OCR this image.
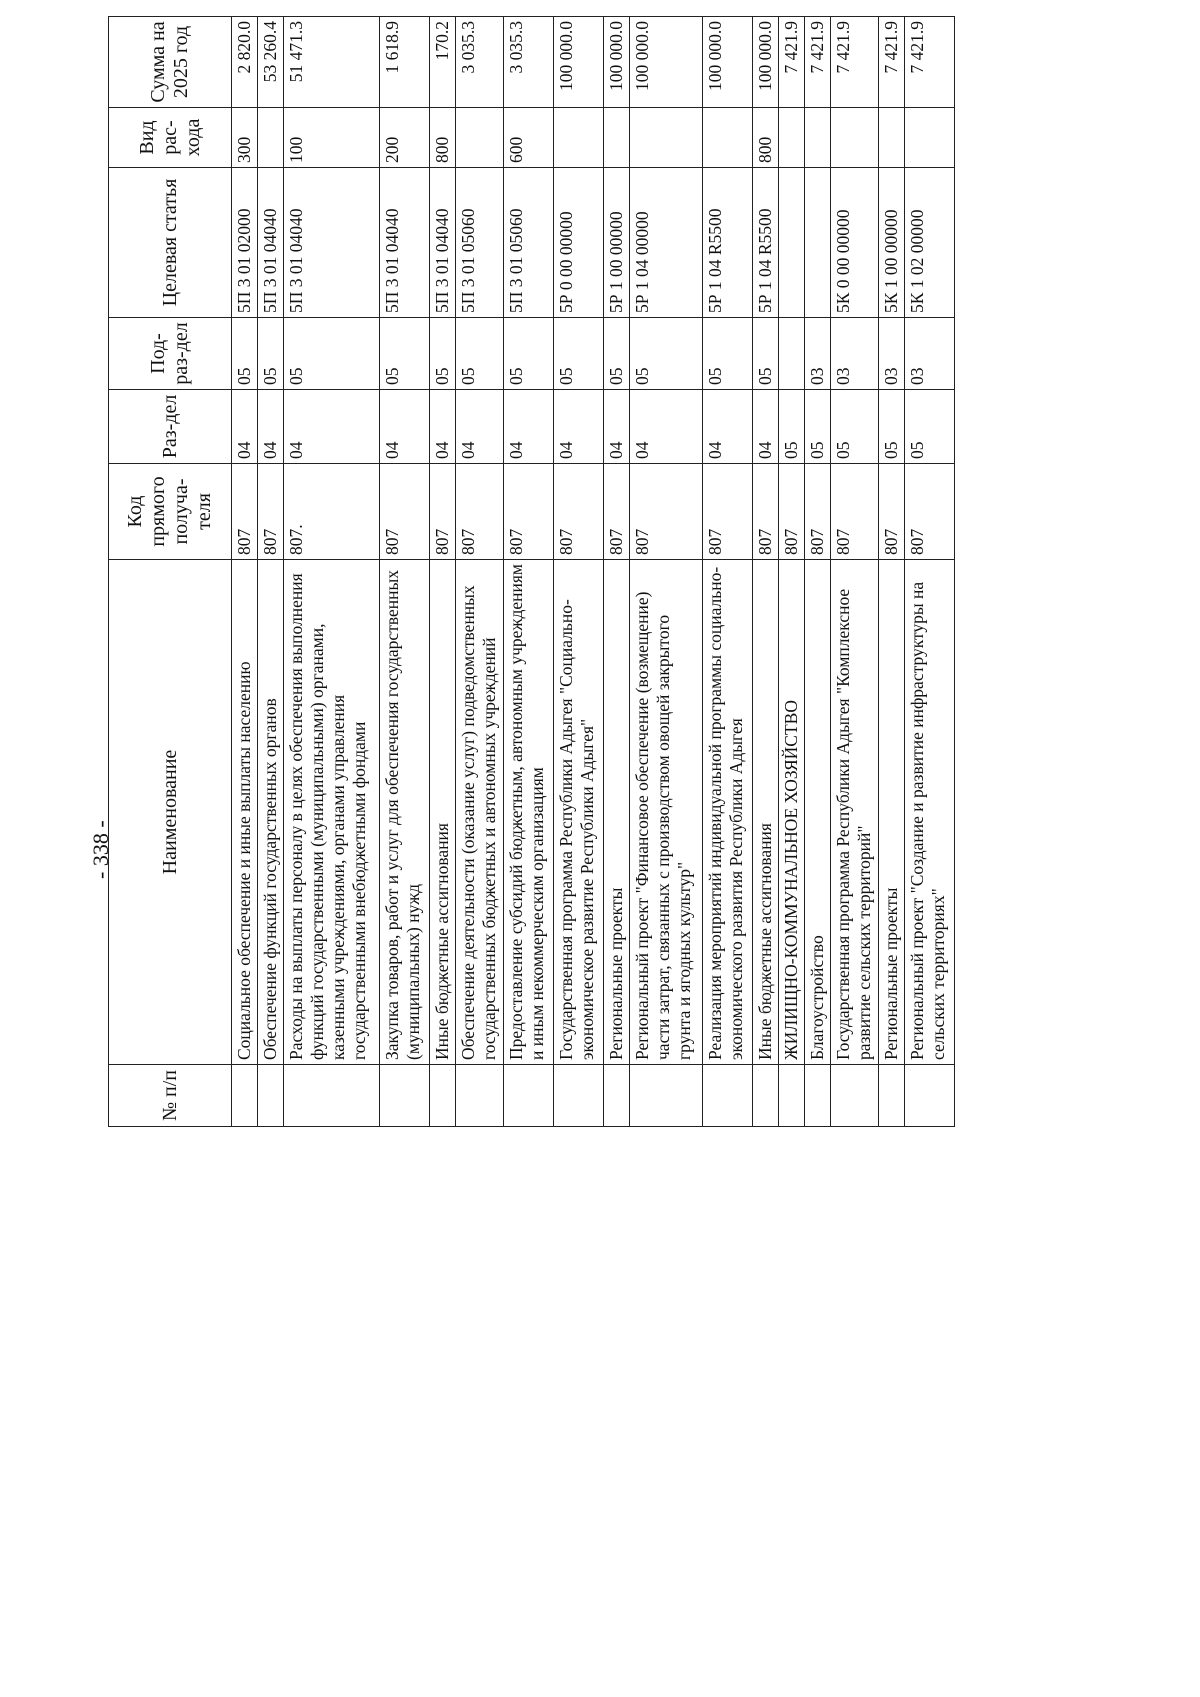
- 338 -
№ п/п	Наименование	Код прямого получа-теля	Раз-дел	Под-раз-дел	Целевая статья	Вид рас-хода	Сумма на 2025 год
	Социальное обеспечение и иные выплаты населению	807	04	05	5П 3 01 02000	300	2 820.0
	Обеспечение функций государственных органов	807	04	05	5П 3 01 04040		53 260.4
	Расходы на выплаты персоналу в целях обеспечения выполнения функций государственными (муниципальными) органами, казенными учреждениями, органами управления государственными внебюджетными фондами	807.	04	05	5П 3 01 04040	100	51 471.3
	Закупка товаров, работ и услуг для обеспечения государственных (муниципальных) нужд	807	04	05	5П 3 01 04040	200	1 618.9
	Иные бюджетные ассигнования	807	04	05	5П 3 01 04040	800	170.2
	Обеспечение деятельности (оказание услуг) подведомственных государственных бюджетных и автономных учреждений	807	04	05	5П 3 01 05060		3 035.3
	Предоставление субсидий бюджетным, автономным учреждениям и иным некоммерческим организациям	807	04	05	5П 3 01 05060	600	3 035.3
	Государственная программа Республики Адыгея "Социально-экономическое развитие Республики Адыгея"	807	04	05	5Р 0 00 00000		100 000.0
	Региональные проекты	807	04	05	5Р 1 00 00000		100 000.0
	Региональный проект "Финансовое обеспечение (возмещение) части затрат, связанных с производством овощей закрытого грунта и ягодных культур"	807	04	05	5Р 1 04 00000		100 000.0
	Реализация мероприятий индивидуальной программы социально-экономического развития Республики Адыгея	807	04	05	5Р 1 04 R5500		100 000.0
	Иные бюджетные ассигнования	807	04	05	5Р 1 04 R5500	800	100 000.0
	ЖИЛИЩНО-КОММУНАЛЬНОЕ ХОЗЯЙСТВО	807	05				7 421.9
	Благоустройство	807	05	03			7 421.9
	Государственная программа Республики Адыгея "Комплексное развитие сельских территорий"	807	05	03	5К 0 00 00000		7 421.9
	Региональные проекты	807	05	03	5К 1 00 00000		7 421.9
	Региональный проект "Создание и развитие инфраструктуры на сельских территориях"	807	05	03	5К 1 02 00000		7 421.9
